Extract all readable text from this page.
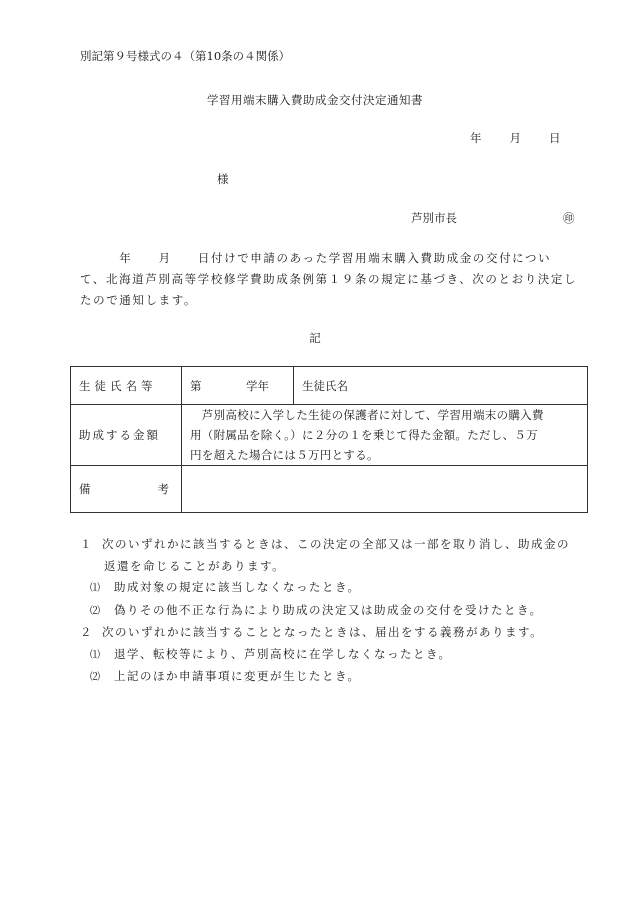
別記第９号様式の４（第10条の４関係）
学習用端末購入費助成金交付決定通知書
年 月 日
様
芦別市長	㊞

　　　年　　月　　日付けで申請のあった学習用端末購入費助成金の交付につい

て、北海道芦別高等学校修学費助成条例第１９条の規定に基づき、次のとおり決定し

たので通知します。

記
生徒氏名等	第 学年	生徒氏名
助成する金額	　芦別高校に入学した生徒の保護者に対して、学習用端末の購入費
用（附属品を除く。）に２分の１を乗じて得た金額。ただし、５万
円を超えた場合には５万円とする。	

備 考		

１ 次のいずれかに該当するときは、この決定の全部又は一部を取り消し、助成金の
返還を命じることがあります。
⑴ 助成対象の規定に該当しなくなったとき。
⑵ 偽りその他不正な行為により助成の決定又は助成金の交付を受けたとき。
２ 次のいずれかに該当することとなったときは、届出をする義務があります。
⑴ 退学、転校等により、芦別高校に在学しなくなったとき。
⑵ 上記のほか申請事項に変更が生じたとき。
